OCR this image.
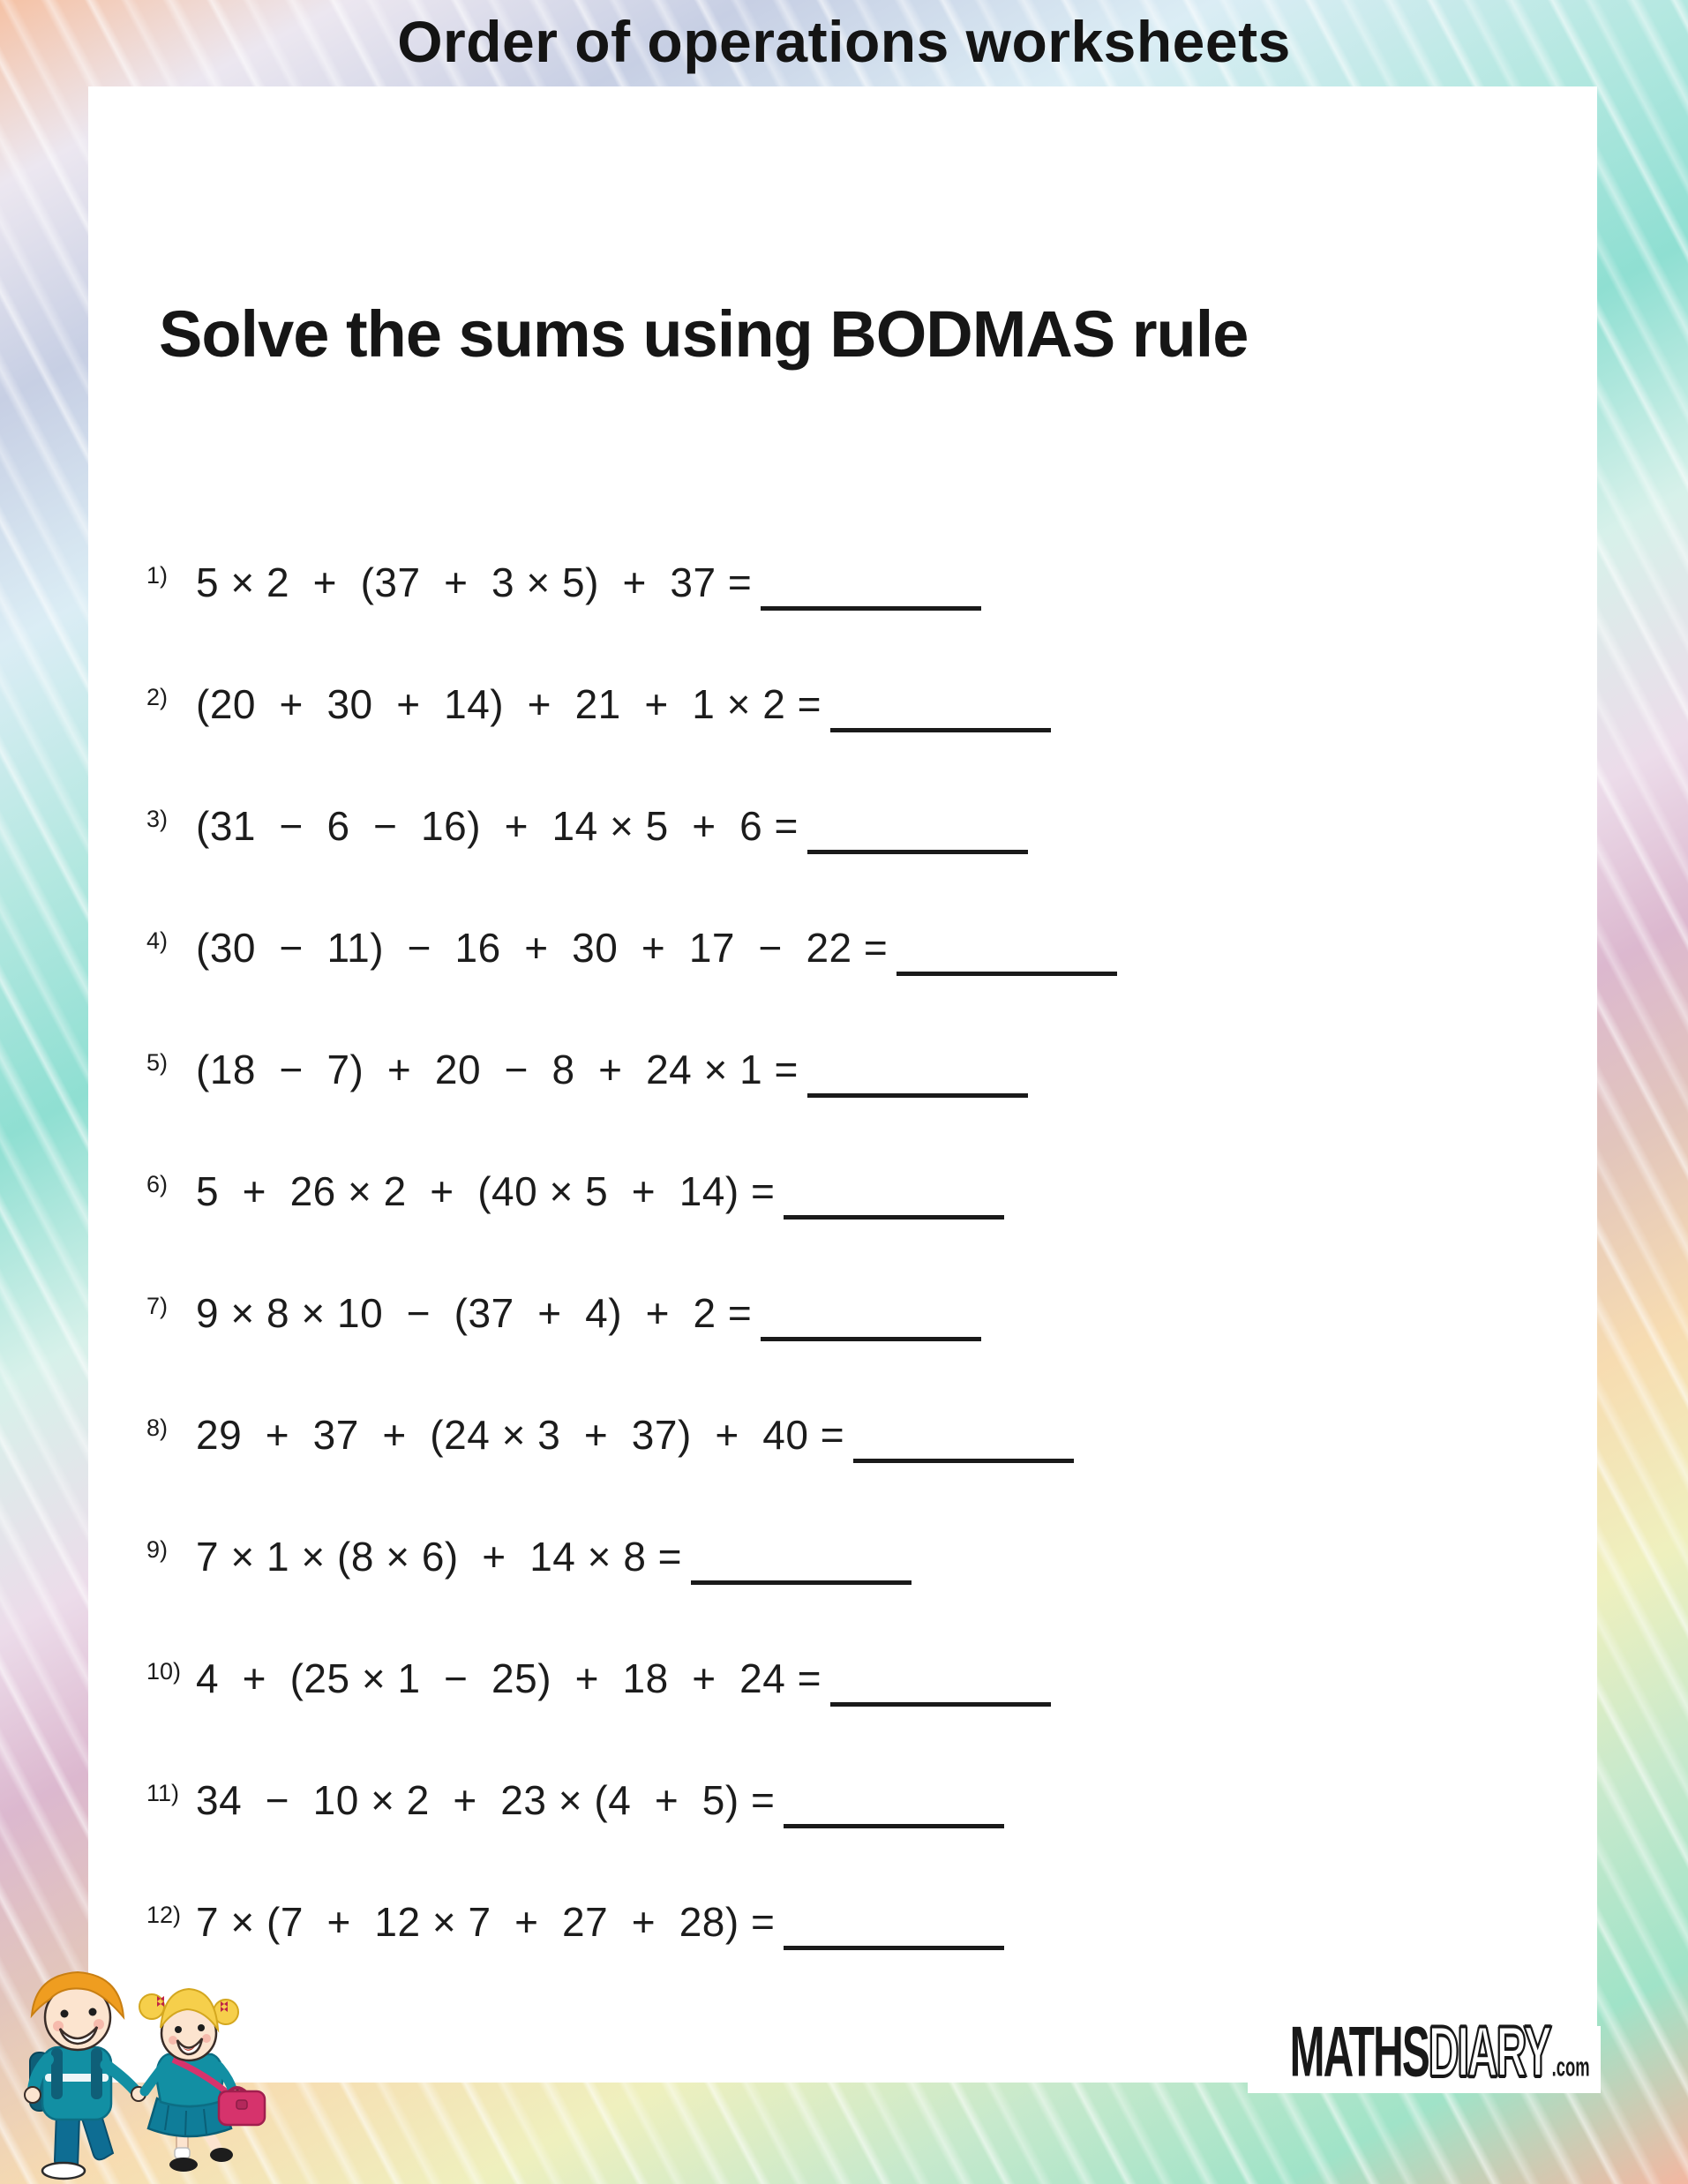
Order of operations worksheets
Solve the sums using BODMAS rule
1) 5 × 2  +  (37  +  3 × 5)  +  37 =
2) (20  +  30  +  14)  +  21  +  1 × 2 =
3) (31  −  6  −  16)  +  14 × 5  +  6 =
4) (30  −  11)  −  16  +  30  +  17  −  22 =
5) (18  −  7)  +  20  −  8  +  24 × 1 =
6) 5  +  26 × 2  +  (40 × 5  +  14) =
7) 9 × 8 × 10  −  (37  +  4)  +  2 =
8) 29  +  37  +  (24 × 3  +  37)  +  40 =
9) 7 × 1 × (8 × 6)  +  14 × 8 =
10) 4  +  (25 × 1  −  25)  +  18  +  24 =
11) 34  −  10 × 2  +  23 × (4  +  5) =
12) 7 × (7  +  12 × 7  +  27  +  28) =
MATHSDIARY.com
